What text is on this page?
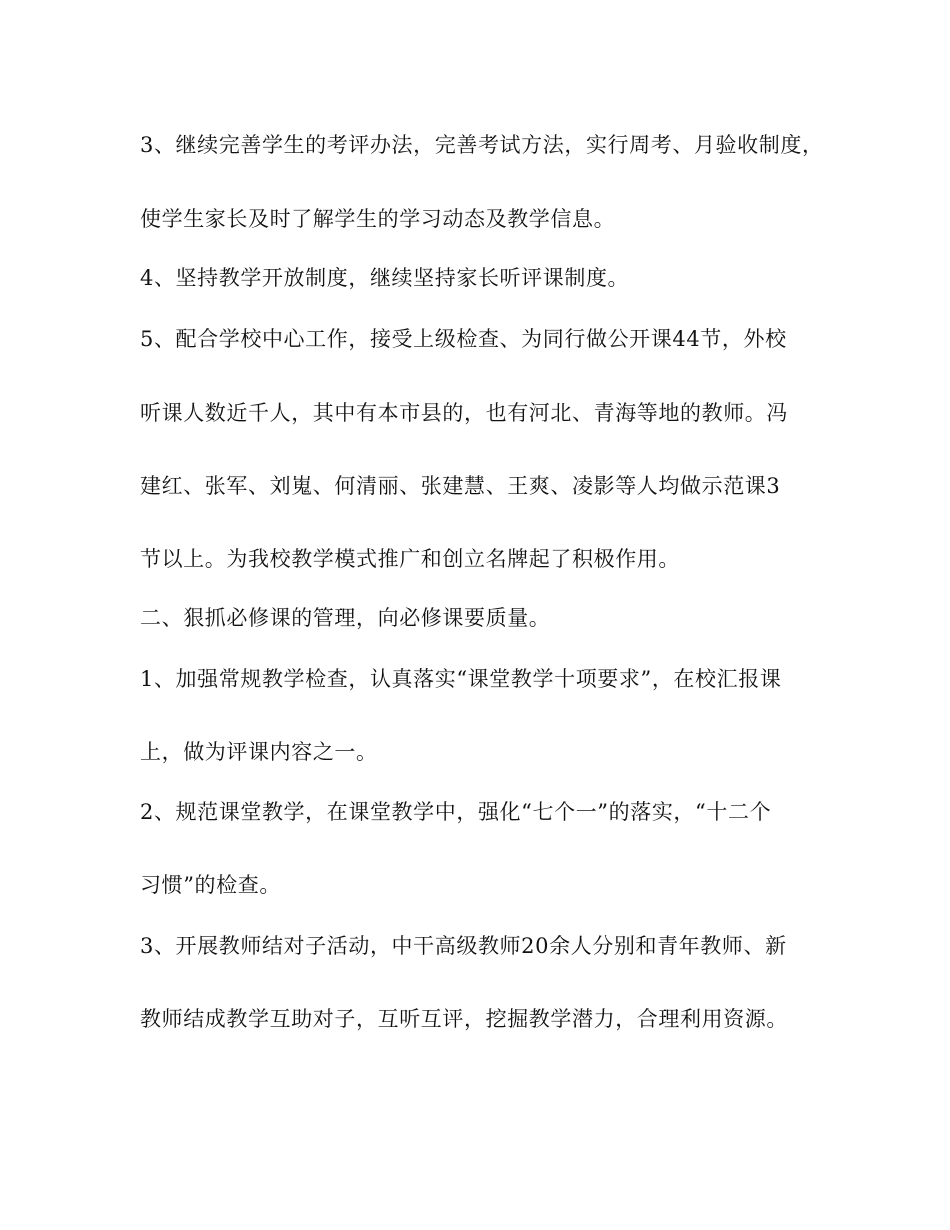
3、继续完善学生的考评办法，完善考试方法，实行周考、月验收制度，
使学生家长及时了解学生的学习动态及教学信息。
4、坚持教学开放制度，继续坚持家长听评课制度。
5、配合学校中心工作，接受上级检查、为同行做公开课44节，外校
听课人数近千人，其中有本市县的，也有河北、青海等地的教师。冯
建红、张军、刘嵬、何清丽、张建慧、王爽、凌影等人均做示范课3
节以上。为我校教学模式推广和创立名牌起了积极作用。
二、狠抓必修课的管理，向必修课要质量。
1、加强常规教学检查，认真落实“课堂教学十项要求”，在校汇报课
上，做为评课内容之一。
2、规范课堂教学，在课堂教学中，强化“七个一”的落实，“十二个
习惯”的检查。
3、开展教师结对子活动，中干高级教师20余人分别和青年教师、新
教师结成教学互助对子，互听互评，挖掘教学潜力，合理利用资源。
